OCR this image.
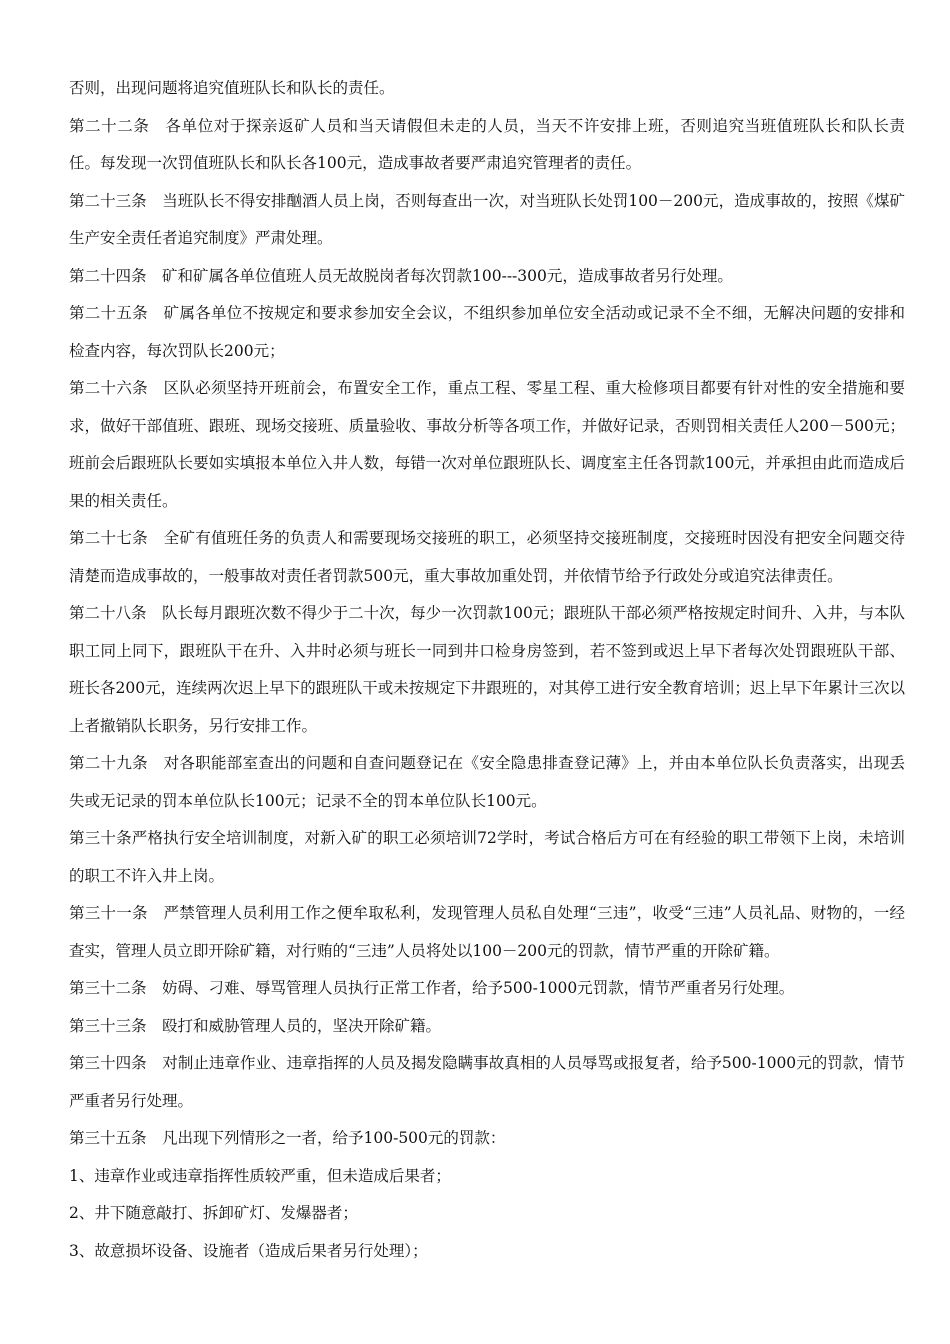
否则，出现问题将追究值班队长和队长的责任。

第二十二条　各单位对于探亲返矿人员和当天请假但未走的人员，当天不许安排上班，否则追究当班值班队长和队长责任。每发现一次罚值班队长和队长各100元，造成事故者要严肃追究管理者的责任。

第二十三条　当班队长不得安排酗酒人员上岗，否则每查出一次，对当班队长处罚100－200元，造成事故的，按照《煤矿生产安全责任者追究制度》严肃处理。

第二十四条　矿和矿属各单位值班人员无故脱岗者每次罚款100---300元，造成事故者另行处理。

第二十五条　矿属各单位不按规定和要求参加安全会议，不组织参加单位安全活动或记录不全不细，无解决问题的安排和检查内容，每次罚队长200元；

第二十六条　区队必须坚持开班前会，布置安全工作，重点工程、零星工程、重大检修项目都要有针对性的安全措施和要求，做好干部值班、跟班、现场交接班、质量验收、事故分析等各项工作，并做好记录，否则罚相关责任人200－500元；班前会后跟班队长要如实填报本单位入井人数，每错一次对单位跟班队长、调度室主任各罚款100元，并承担由此而造成后果的相关责任。

第二十七条　全矿有值班任务的负责人和需要现场交接班的职工，必须坚持交接班制度，交接班时因没有把安全问题交待清楚而造成事故的，一般事故对责任者罚款500元，重大事故加重处罚，并依情节给予行政处分或追究法律责任。

第二十八条　队长每月跟班次数不得少于二十次，每少一次罚款100元；跟班队干部必须严格按规定时间升、入井，与本队职工同上同下，跟班队干在升、入井时必须与班长一同到井口检身房签到，若不签到或迟上早下者每次处罚跟班队干部、班长各200元，连续两次迟上早下的跟班队干或未按规定下井跟班的，对其停工进行安全教育培训；迟上早下年累计三次以上者撤销队长职务，另行安排工作。

第二十九条　对各职能部室查出的问题和自查问题登记在《安全隐患排查登记薄》上，并由本单位队长负责落实，出现丢失或无记录的罚本单位队长100元；记录不全的罚本单位队长100元。

第三十条严格执行安全培训制度，对新入矿的职工必须培训72学时，考试合格后方可在有经验的职工带领下上岗，未培训的职工不许入井上岗。

第三十一条　严禁管理人员利用工作之便牟取私利，发现管理人员私自处理“三违”，收受“三违”人员礼品、财物的，一经查实，管理人员立即开除矿籍，对行贿的“三违”人员将处以100－200元的罚款，情节严重的开除矿籍。

第三十二条　妨碍、刁难、辱骂管理人员执行正常工作者，给予500-1000元罚款，情节严重者另行处理。

第三十三条　殴打和威胁管理人员的，坚决开除矿籍。

第三十四条　对制止违章作业、违章指挥的人员及揭发隐瞒事故真相的人员辱骂或报复者，给予500-1000元的罚款，情节严重者另行处理。

第三十五条　凡出现下列情形之一者，给予100-500元的罚款：

1、违章作业或违章指挥性质较严重，但未造成后果者；

2、井下随意敲打、拆卸矿灯、发爆器者；

3、故意损坏设备、设施者（造成后果者另行处理）；
